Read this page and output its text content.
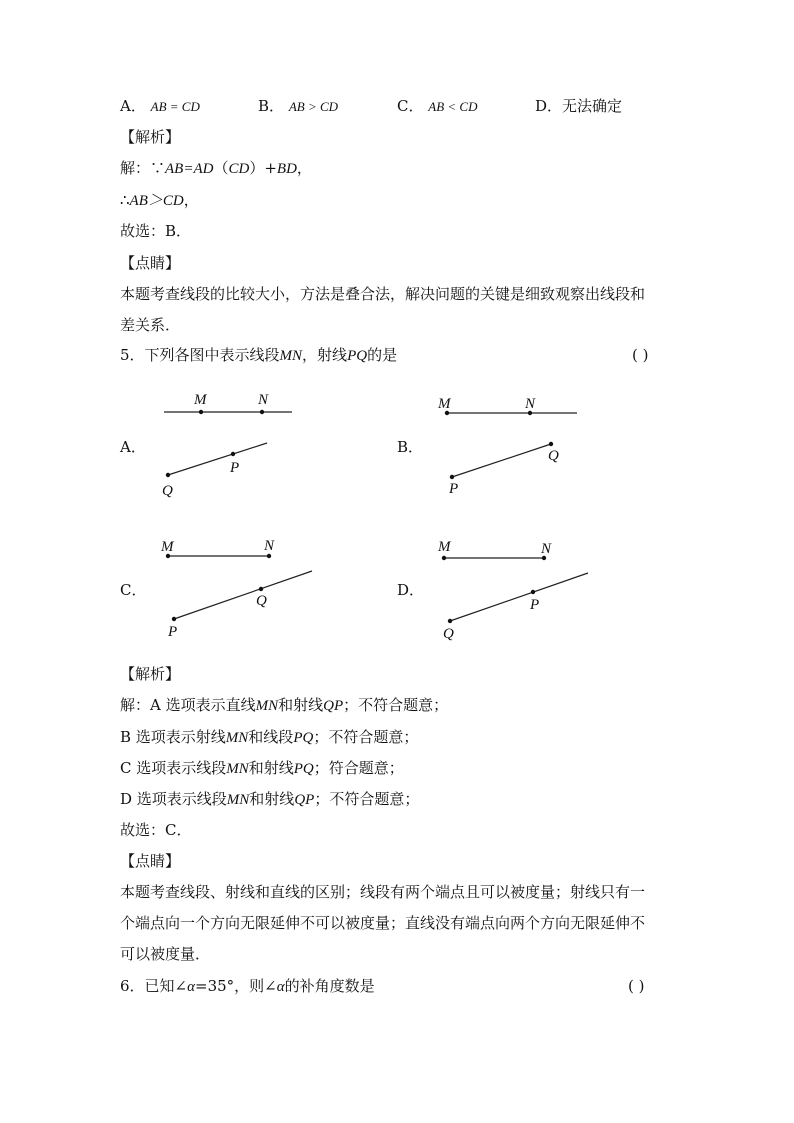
A． AB = CD	B． AB > CD	C． AB < CD	D．无法确定
【解析】
解：∵AB=AD（CD）+BD，
∴AB＞CD，
故选：B．
【点睛】
本题考查线段的比较大小，方法是叠合法，解决问题的关键是细致观察出线段和
差关系．
5．下列各图中表示线段MN，射线PQ的是	( )
A．	B．
C．	D．
M	N
Q
P
M	N
P
Q
M	N
P
Q
M	N
Q
P
【解析】
解：A 选项表示直线MN和射线QP；不符合题意；
B 选项表示射线MN和线段PQ；不符合题意；
C 选项表示线段MN和射线PQ；符合题意；
D 选项表示线段MN和射线QP；不符合题意；
故选：C．
【点睛】
本题考查线段、射线和直线的区别；线段有两个端点且可以被度量；射线只有一
个端点向一个方向无限延伸不可以被度量；直线没有端点向两个方向无限延伸不
可以被度量．
6．已知∠α=35°，则∠α的补角度数是	( )
